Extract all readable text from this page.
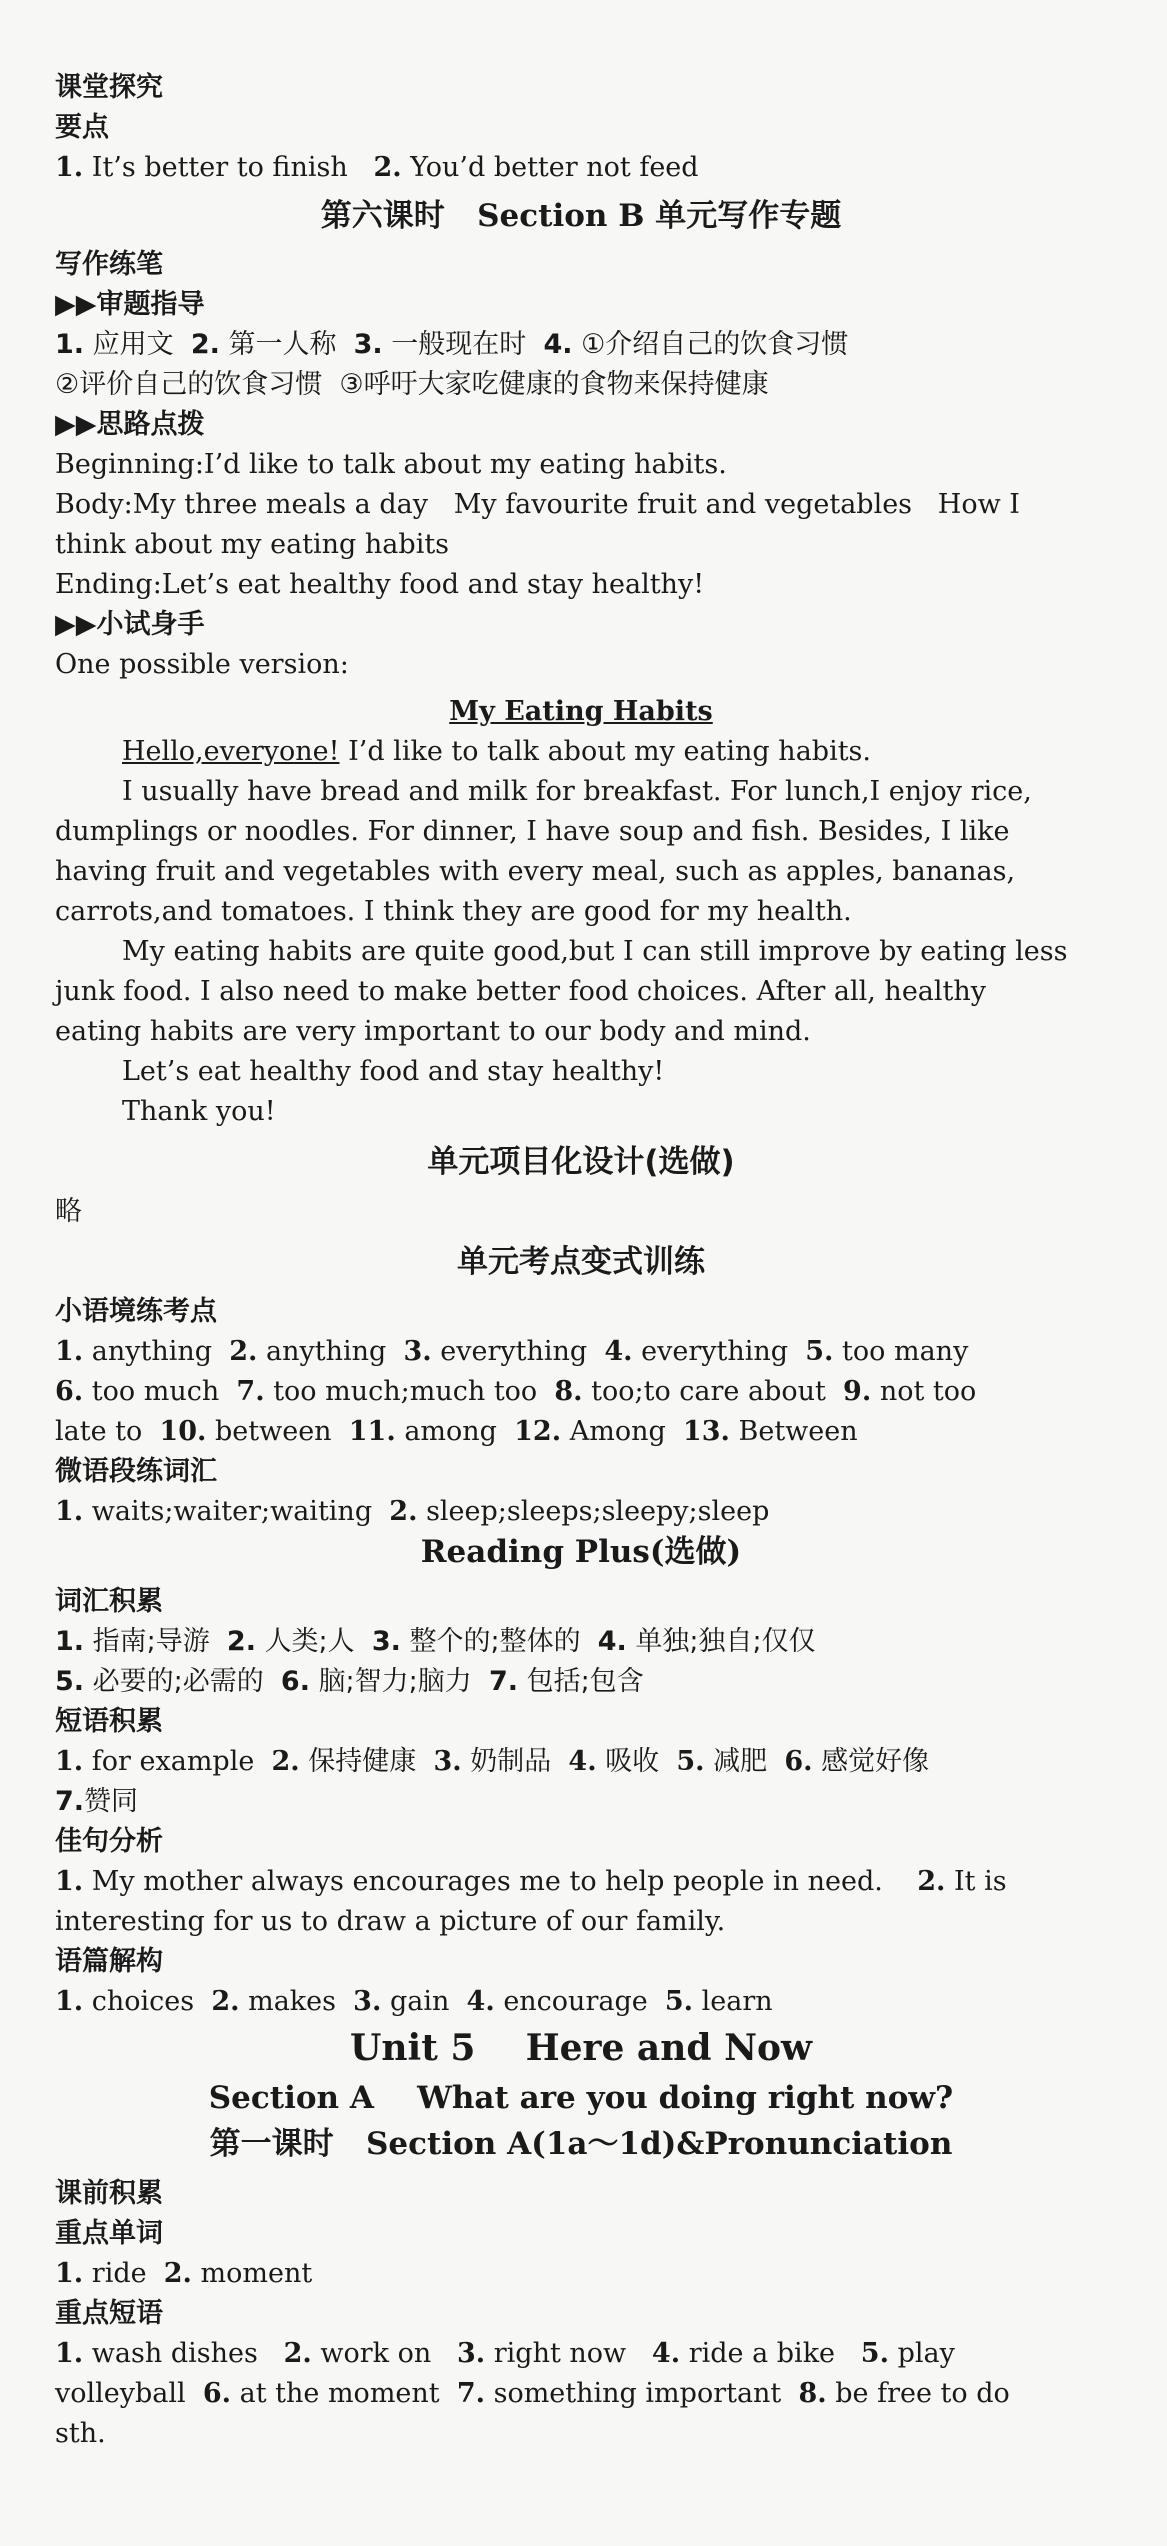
课堂探究
要点
1. It’s better to finish 2. You’d better not feed
第六课时 Section B 单元写作专题
写作练笔
▶▶审题指导
1. 应用文 2. 第一人称 3. 一般现在时 4. ①介绍自己的饮食习惯
②评价自己的饮食习惯 ③呼吁大家吃健康的食物来保持健康
▶▶思路点拨
Beginning:I’d like to talk about my eating habits.
Body:My three meals a day   My favourite fruit and vegetables   How I
think about my eating habits
Ending:Let’s eat healthy food and stay healthy!
▶▶小试身手
One possible version:
My Eating Habits
Hello,everyone! I’d like to talk about my eating habits.
I usually have bread and milk for breakfast. For lunch,I enjoy rice,
dumplings or noodles. For dinner, I have soup and fish. Besides, I like
having fruit and vegetables with every meal, such as apples, bananas,
carrots,and tomatoes. I think they are good for my health.
My eating habits are quite good,but I can still improve by eating less
junk food. I also need to make better food choices. After all, healthy
eating habits are very important to our body and mind.
Let’s eat healthy food and stay healthy!
Thank you!
单元项目化设计(选做)
略
单元考点变式训练
小语境练考点
1. anything 2. anything 3. everything 4. everything 5. too many
6. too much 7. too much;much too 8. too;to care about 9. not too
late to 10. between 11. among 12. Among 13. Between
微语段练词汇
1. waits;waiter;waiting 2. sleep;sleeps;sleepy;sleep
Reading Plus(选做)
词汇积累
1. 指南;导游 2. 人类;人 3. 整个的;整体的 4. 单独;独自;仅仅
5. 必要的;必需的 6. 脑;智力;脑力 7. 包括;包含
短语积累
1. for example 2. 保持健康 3. 奶制品 4. 吸收 5. 减肥 6. 感觉好像
7.赞同
佳句分析
1. My mother always encourages me to help people in need. 2. It is
interesting for us to draw a picture of our family.
语篇解构
1. choices 2. makes 3. gain 4. encourage 5. learn
Unit 5    Here and Now
Section A    What are you doing right now?
第一课时 Section A(1a～1d)&Pronunciation
课前积累
重点单词
1. ride 2. moment
重点短语
1. wash dishes 2. work on 3. right now 4. ride a bike 5. play
volleyball 6. at the moment 7. something important 8. be free to do
sth.
